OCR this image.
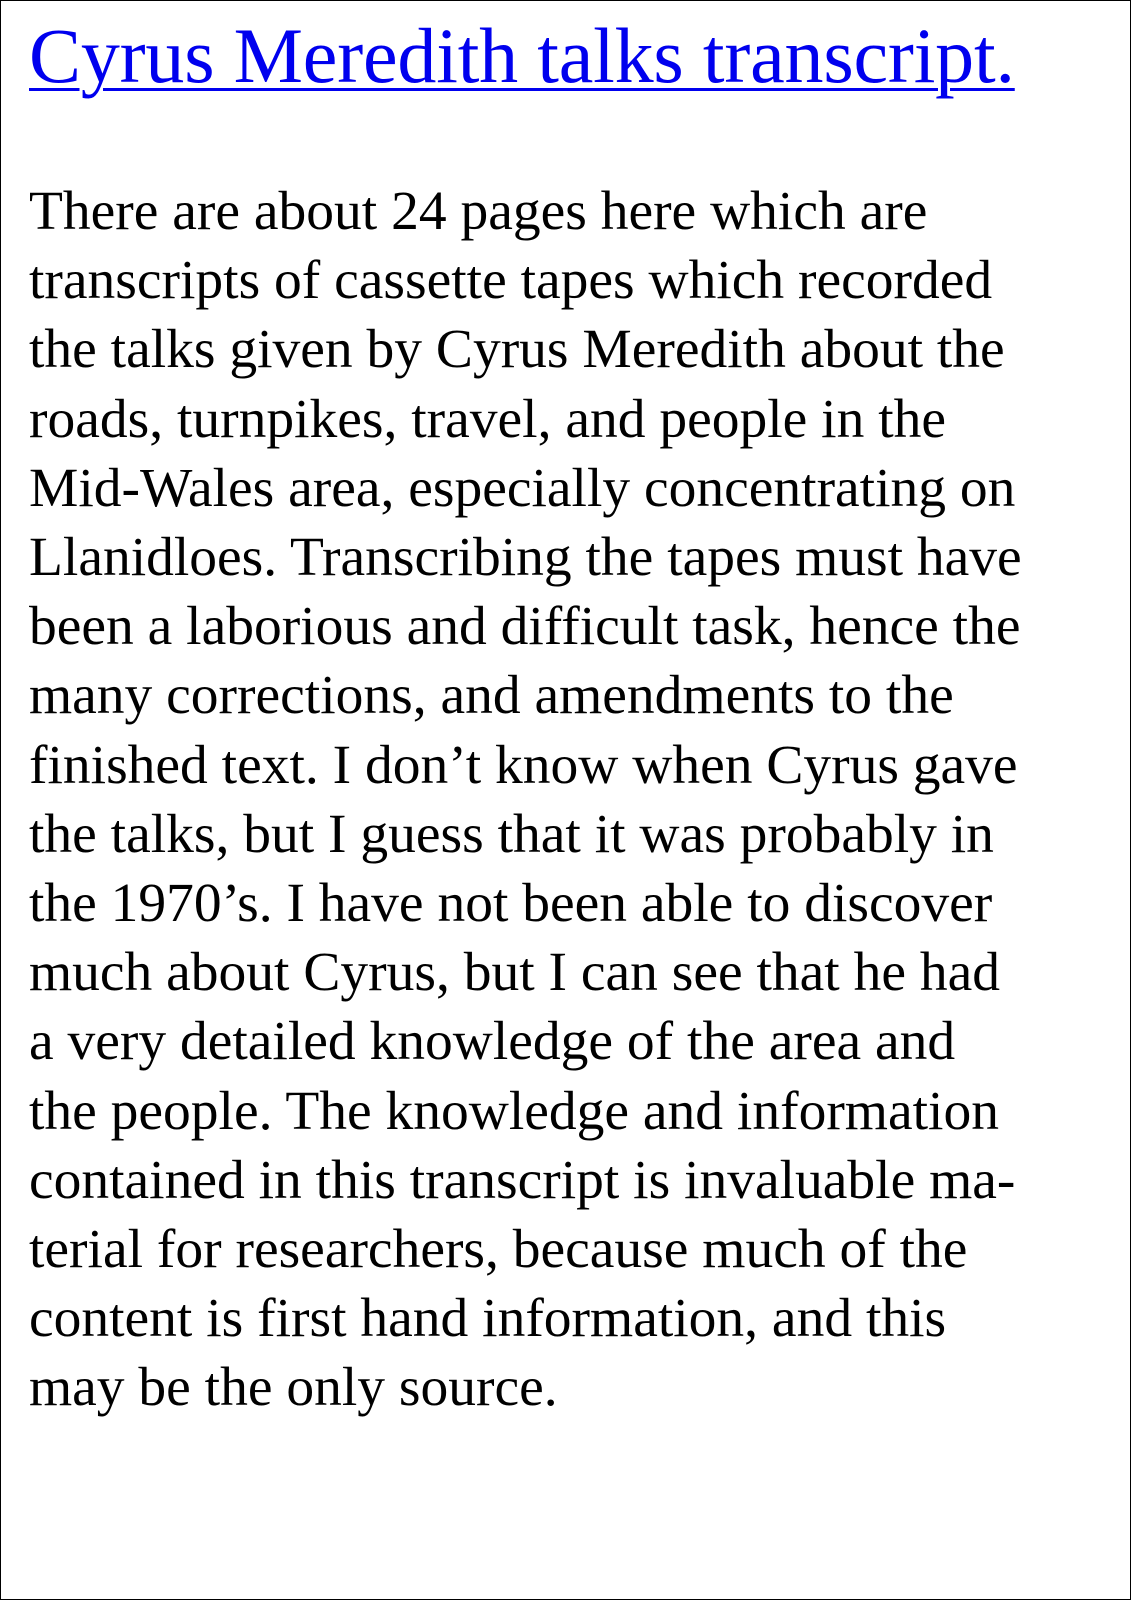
Cyrus Meredith talks transcript.
There are about 24 pages here which are
transcripts of cassette tapes which recorded
the talks given by Cyrus Meredith about the
roads, turnpikes, travel, and people in the
Mid-Wales area, especially concentrating on
Llanidloes. Transcribing the tapes must have
been a laborious and difficult task, hence the
many corrections, and amendments to the
finished text. I don’t know when Cyrus gave
the talks, but I guess that it was probably in
the 1970’s. I have not been able to discover
much about Cyrus, but I can see that he had
a very detailed knowledge of the area and
the people. The knowledge and information
contained in this transcript is invaluable ma-
terial for researchers, because much of the
content is first hand information, and this
may be the only source.
